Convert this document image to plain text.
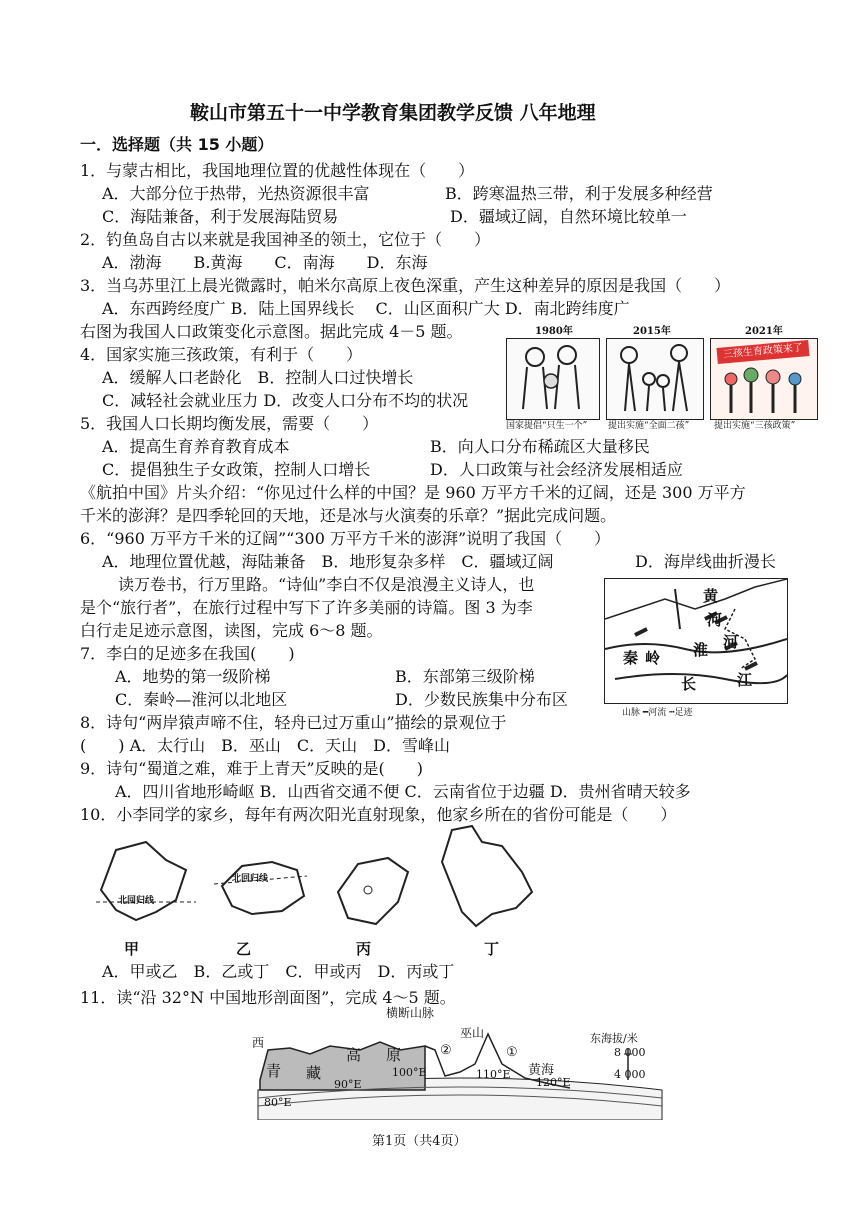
鞍山市第五十一中学教育集团教学反馈 八年地理
一．选择题（共 15 小题）
1．与蒙古相比，我国地理位置的优越性体现在（　　）
A．大部分位于热带，光热资源很丰富	B．跨寒温热三带，利于发展多种经营
C．海陆兼备，利于发展海陆贸易	D．疆域辽阔，自然环境比较单一
2．钓鱼岛自古以来就是我国神圣的领土，它位于（　　）
A．渤海　　B.黄海　　C．南海　　D．东海
3．当乌苏里江上晨光微露时，帕米尔高原上夜色深重，产生这种差异的原因是我国（　　）
A．东西跨经度广 B．陆上国界线长　 C．山区面积广大 D．南北跨纬度广
右图为我国人口政策变化示意图。据此完成 4－5 题。
4．国家实施三孩政策，有利于（　　）
A．缓解人口老龄化　B．控制人口过快增长
C．减轻社会就业压力 D．改变人口分布不均的状况
5．我国人口长期均衡发展，需要（　　）
A．提高生育养育教育成本	B．向人口分布稀疏区大量移民
C．提倡独生子女政策，控制人口增长	D．人口政策与社会经济发展相适应
《航拍中国》片头介绍：“你见过什么样的中国？是 960 万平方千米的辽阔，还是 300 万平方
千米的澎湃？是四季轮回的天地，还是冰与火演奏的乐章？”据此完成问题。
6．“960 万平方千米的辽阔”“300 万平方千米的澎湃”说明了我国（　　）
A．地理位置优越，海陆兼备　B．地形复杂多样　C．疆域辽阔	D．海岸线曲折漫长
读万卷书，行万里路。“诗仙”李白不仅是浪漫主义诗人，也
是个“旅行者”，在旅行过程中写下了许多美丽的诗篇。图 3 为李
白行走足迹示意图，读图，完成 6～8 题。
7．李白的足迹多在我国(　　)
A．地势的第一级阶梯	B．东部第三级阶梯
C．秦岭—淮河以北地区	D．少数民族集中分布区
8．诗句“两岸猿声啼不住，轻舟已过万重山”描绘的景观位于
(　　) A．太行山　B．巫山　C．天山　D．雪峰山
9．诗句“蜀道之难，难于上青天”反映的是(　　)
A．四川省地形崎岖 B．山西省交通不便 C．云南省位于边疆 D．贵州省晴天较多
10．小李同学的家乡，每年有两次阳光直射现象，他家乡所在的省份可能是（　　）
A．甲或乙　B．乙或丁　C．甲或丙　D．丙或丁
11．读“沿 32°N 中国地形剖面图”，完成 4～5 题。
1980年	2015年	2021年
三孩生育政策来了
国家提倡“只生一个” 提出实施“全面二孩”	提出实施“三孩政策”
黄
河
秦 岭 淮 河
长	江
山脉 ━河流 ┅足迹
北回归线
北回归线
甲	乙	丙	丁
横断山脉
西	东海拔/米
8 000
4 000
青 藏
高 原
巫山
②	①
黄海
80°E
90°E
100°E	110°E
120°E
第1页（共4页）
